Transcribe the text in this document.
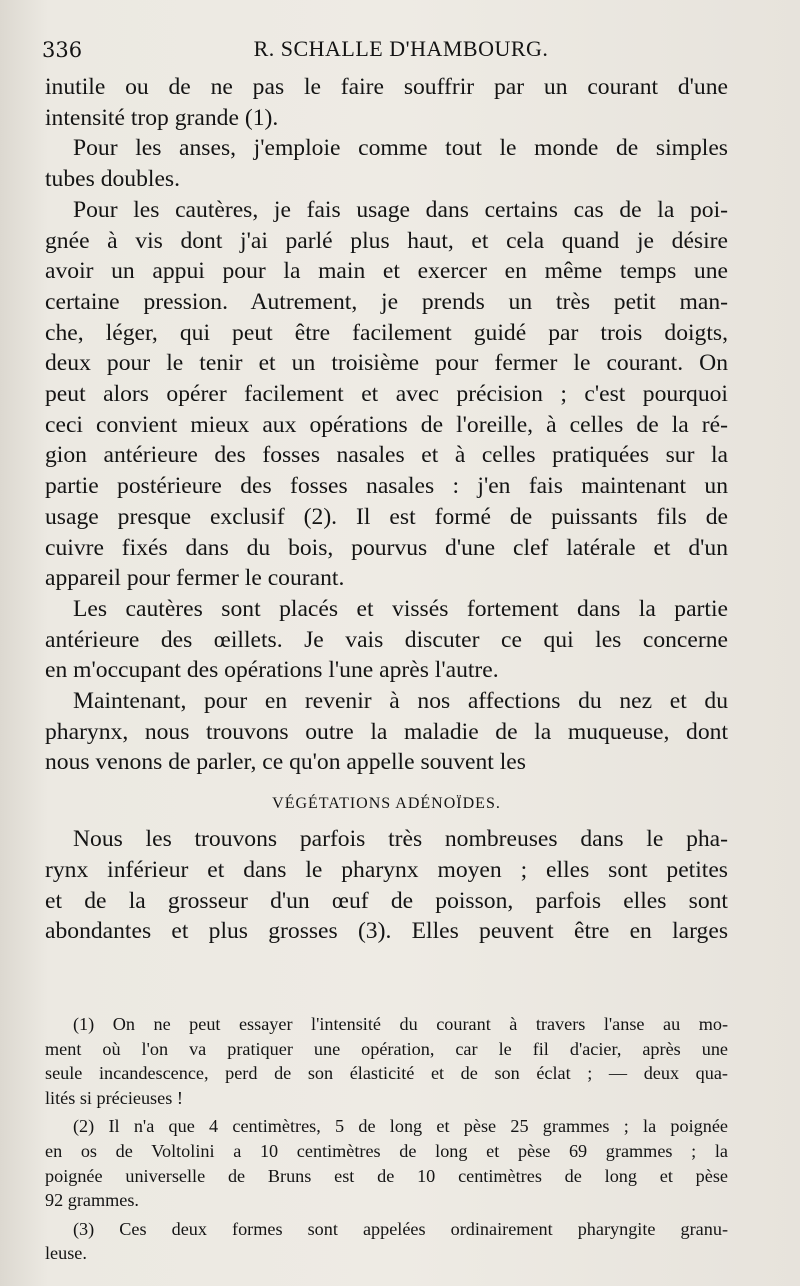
336	R. SCHALLE D'HAMBOURG.
inutile ou de ne pas le faire souffrir par un courant d'une
intensité trop grande (1).
Pour les anses, j'emploie comme tout le monde de simples
tubes doubles.
Pour les cautères, je fais usage dans certains cas de la poi-
gnée à vis dont j'ai parlé plus haut, et cela quand je désire
avoir un appui pour la main et exercer en même temps une
certaine pression. Autrement, je prends un très petit man-
che, léger, qui peut être facilement guidé par trois doigts,
deux pour le tenir et un troisième pour fermer le courant. On
peut alors opérer facilement et avec précision ; c'est pourquoi
ceci convient mieux aux opérations de l'oreille, à celles de la ré-
gion antérieure des fosses nasales et à celles pratiquées sur la
partie postérieure des fosses nasales : j'en fais maintenant un
usage presque exclusif (2). Il est formé de puissants fils de
cuivre fixés dans du bois, pourvus d'une clef latérale et d'un
appareil pour fermer le courant.
Les cautères sont placés et vissés fortement dans la partie
antérieure des œillets. Je vais discuter ce qui les concerne
en m'occupant des opérations l'une après l'autre.
Maintenant, pour en revenir à nos affections du nez et du
pharynx, nous trouvons outre la maladie de la muqueuse, dont
nous venons de parler, ce qu'on appelle souvent les
VÉGÉTATIONS ADÉNOÏDES.
Nous les trouvons parfois très nombreuses dans le pha-
rynx inférieur et dans le pharynx moyen ; elles sont petites
et de la grosseur d'un œuf de poisson, parfois elles sont
abondantes et plus grosses (3). Elles peuvent être en larges
(1) On ne peut essayer l'intensité du courant à travers l'anse au mo-
ment où l'on va pratiquer une opération, car le fil d'acier, après une
seule incandescence, perd de son élasticité et de son éclat ; — deux qua-
lités si précieuses !
(2) Il n'a que 4 centimètres, 5 de long et pèse 25 grammes ; la poignée
en os de Voltolini a 10 centimètres de long et pèse 69 grammes ; la
poignée universelle de Bruns est de 10 centimètres de long et pèse
92 grammes.
(3) Ces deux formes sont appelées ordinairement pharyngite granu-
leuse.
